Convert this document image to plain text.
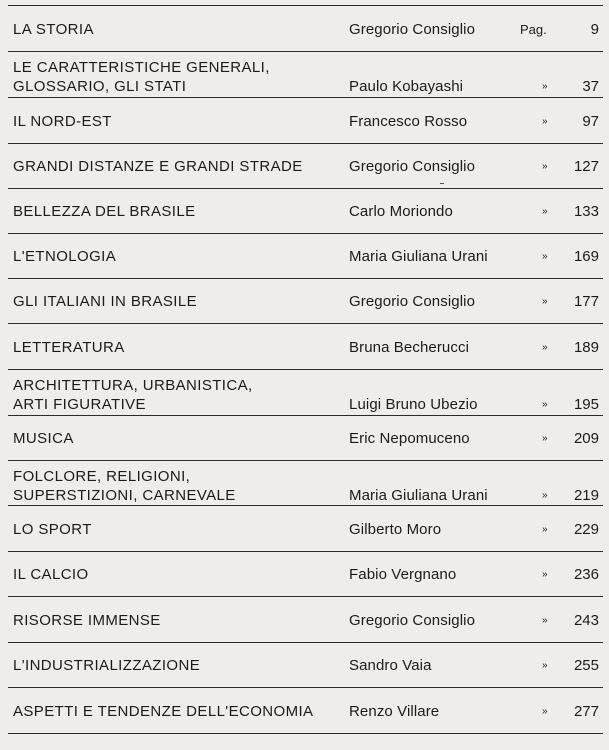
LA STORIA	Gregorio Consiglio	Pag.	9
LE CARATTERISTICHE GENERALI,
GLOSSARIO, GLI STATI	Paulo Kobayashi	»	37
IL NORD-EST	Francesco Rosso	»	97
GRANDI DISTANZE E GRANDI STRADE	Gregorio Consiglio	»	127
BELLEZZA DEL BRASILE	Carlo Moriondo	»	133
L'ETNOLOGIA	Maria Giuliana Urani	»	169
GLI ITALIANI IN BRASILE	Gregorio Consiglio	»	177
LETTERATURA	Bruna Becherucci	»	189
ARCHITETTURA, URBANISTICA,
ARTI FIGURATIVE	Luigi Bruno Ubezio	»	195
MUSICA	Eric Nepomuceno	»	209
FOLCLORE, RELIGIONI,
SUPERSTIZIONI, CARNEVALE	Maria Giuliana Urani	»	219
LO SPORT	Gilberto Moro	»	229
IL CALCIO	Fabio Vergnano	»	236
RISORSE IMMENSE	Gregorio Consiglio	»	243
L'INDUSTRIALIZZAZIONE	Sandro Vaia	»	255
ASPETTI E TENDENZE DELL'ECONOMIA	Renzo Villare	»	277
